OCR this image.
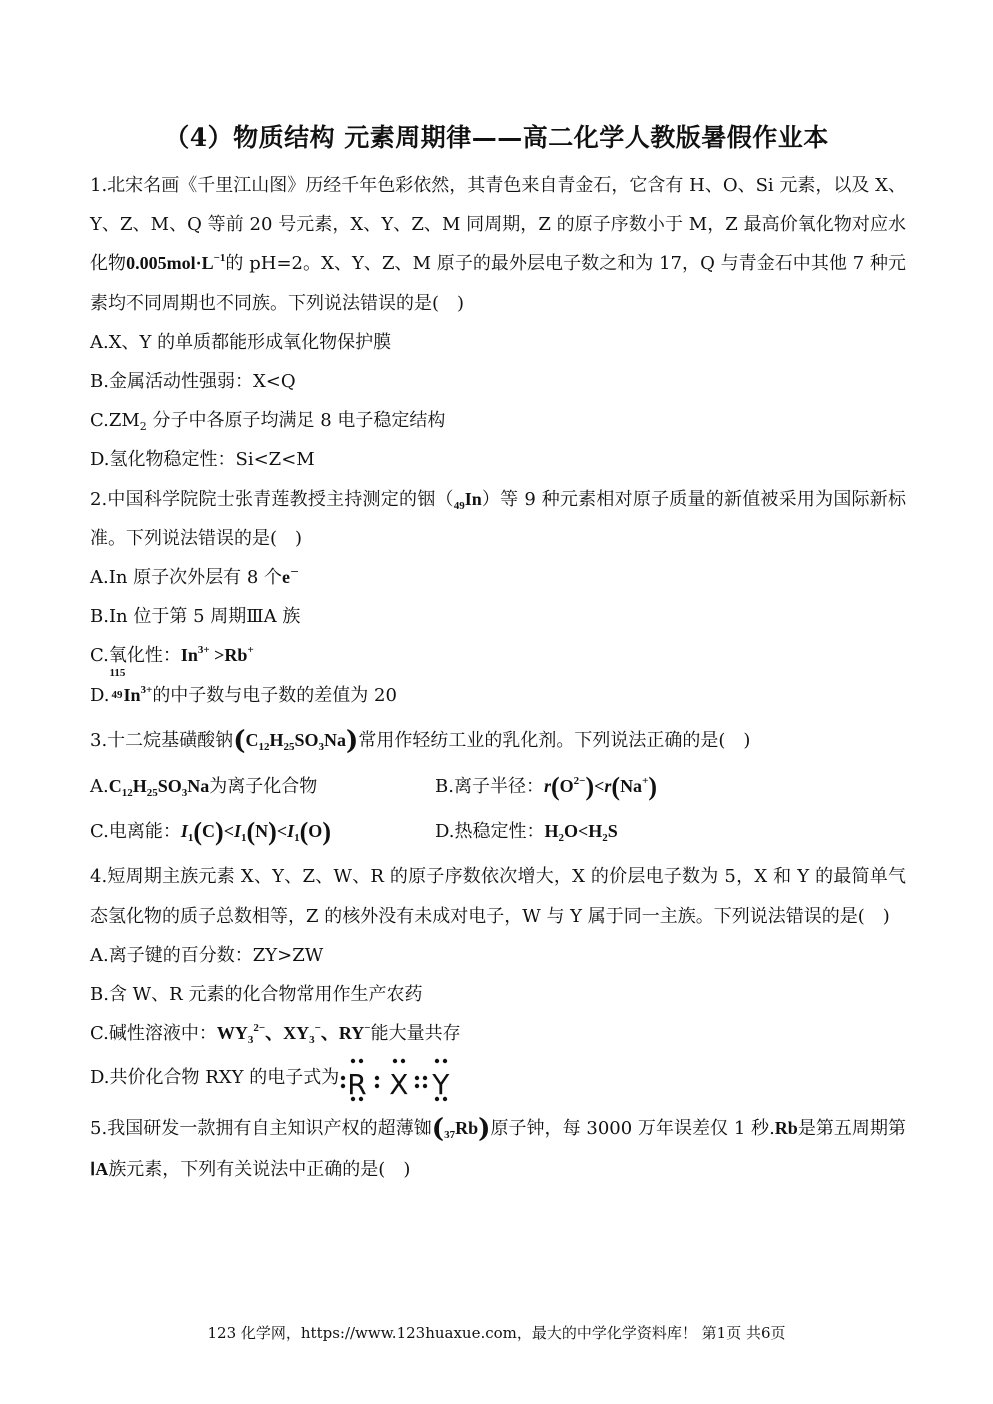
（4）物质结构 元素周期律——高二化学人教版暑假作业本

1.北宋名画《千里江山图》历经千年色彩依然，其青色来自青金石，它含有 H、O、Si 元素，以及 X、Y、Z、M、Q 等前 20 号元素，X、Y、Z、M 同周期，Z 的原子序数小于 M，Z 最高价氧化物对应水化物$0.005mol\cdot L^{-1}$的 pH=2。X、Y、Z、M 原子的最外层电子数之和为 17，Q 与青金石中其他 7 种元素均不同周期也不同族。下列说法错误的是(　)

A.X、Y 的单质都能形成氧化物保护膜

B.金属活动性强弱：X<Q

$C.ZM_2$ 分子中各原子均满足 8 电子稳定结构

D.氢化物稳定性：Si<Z<M

2.中国科学院院士张青莲教授主持测定的铟$(_{49}In)$等 9 种元素相对原子质量的新值被采用为国际新标准。下列说法错误的是(　)

A.In 原子次外层有 8 个e−

B.In 位于第 5 周期ⅢA 族

C.氧化性：$In^{3+} >Rb^+$

D.
115
49 $In^{3+}$的中子数与电子数的差值为 20

3.十二烷基磺酸钠$(C_{12}H_{25}SO_3Na)$常用作轻纺工业的乳化剂。下列说法正确的是(　)

$A.C_{12}H_{25}SO_3Na$为离子化合物	B.离子半径：$r(O^{2-})<r(Na^+)$
C.电离能：$I_1(C)<I_1(N)<I_1(O)$	D.热稳定性：$H_2O<H_2S$

4.短周期主族元素 X、Y、Z、W、R 的原子序数依次增大，X 的价层电子数为 5，X 和 Y 的最简单气态氢化物的质子总数相等，Z 的核外没有未成对电子，W 与 Y 属于同一主族。下列说法错误的是(　)

A.离子键的百分数：ZY>ZW

B.含 W、R 元素的化合物常用作生产农药

C.碱性溶液中：$WY_3^{2-}$、$XY_3^-$、RY−能大量共存

D.共价化合物 RXY 的电子式为 R X Y

5.我国研发一款拥有自主知识产权的超薄铷$(_{37}Rb)$原子钟，每 3000 万年误差仅 1 秒.Rb是第五周期第ⅠA族元素，下列有关说法中正确的是(　)

123 化学网，https://www.123huaxue.com，最大的中学化学资料库！ 第1页 共6页
